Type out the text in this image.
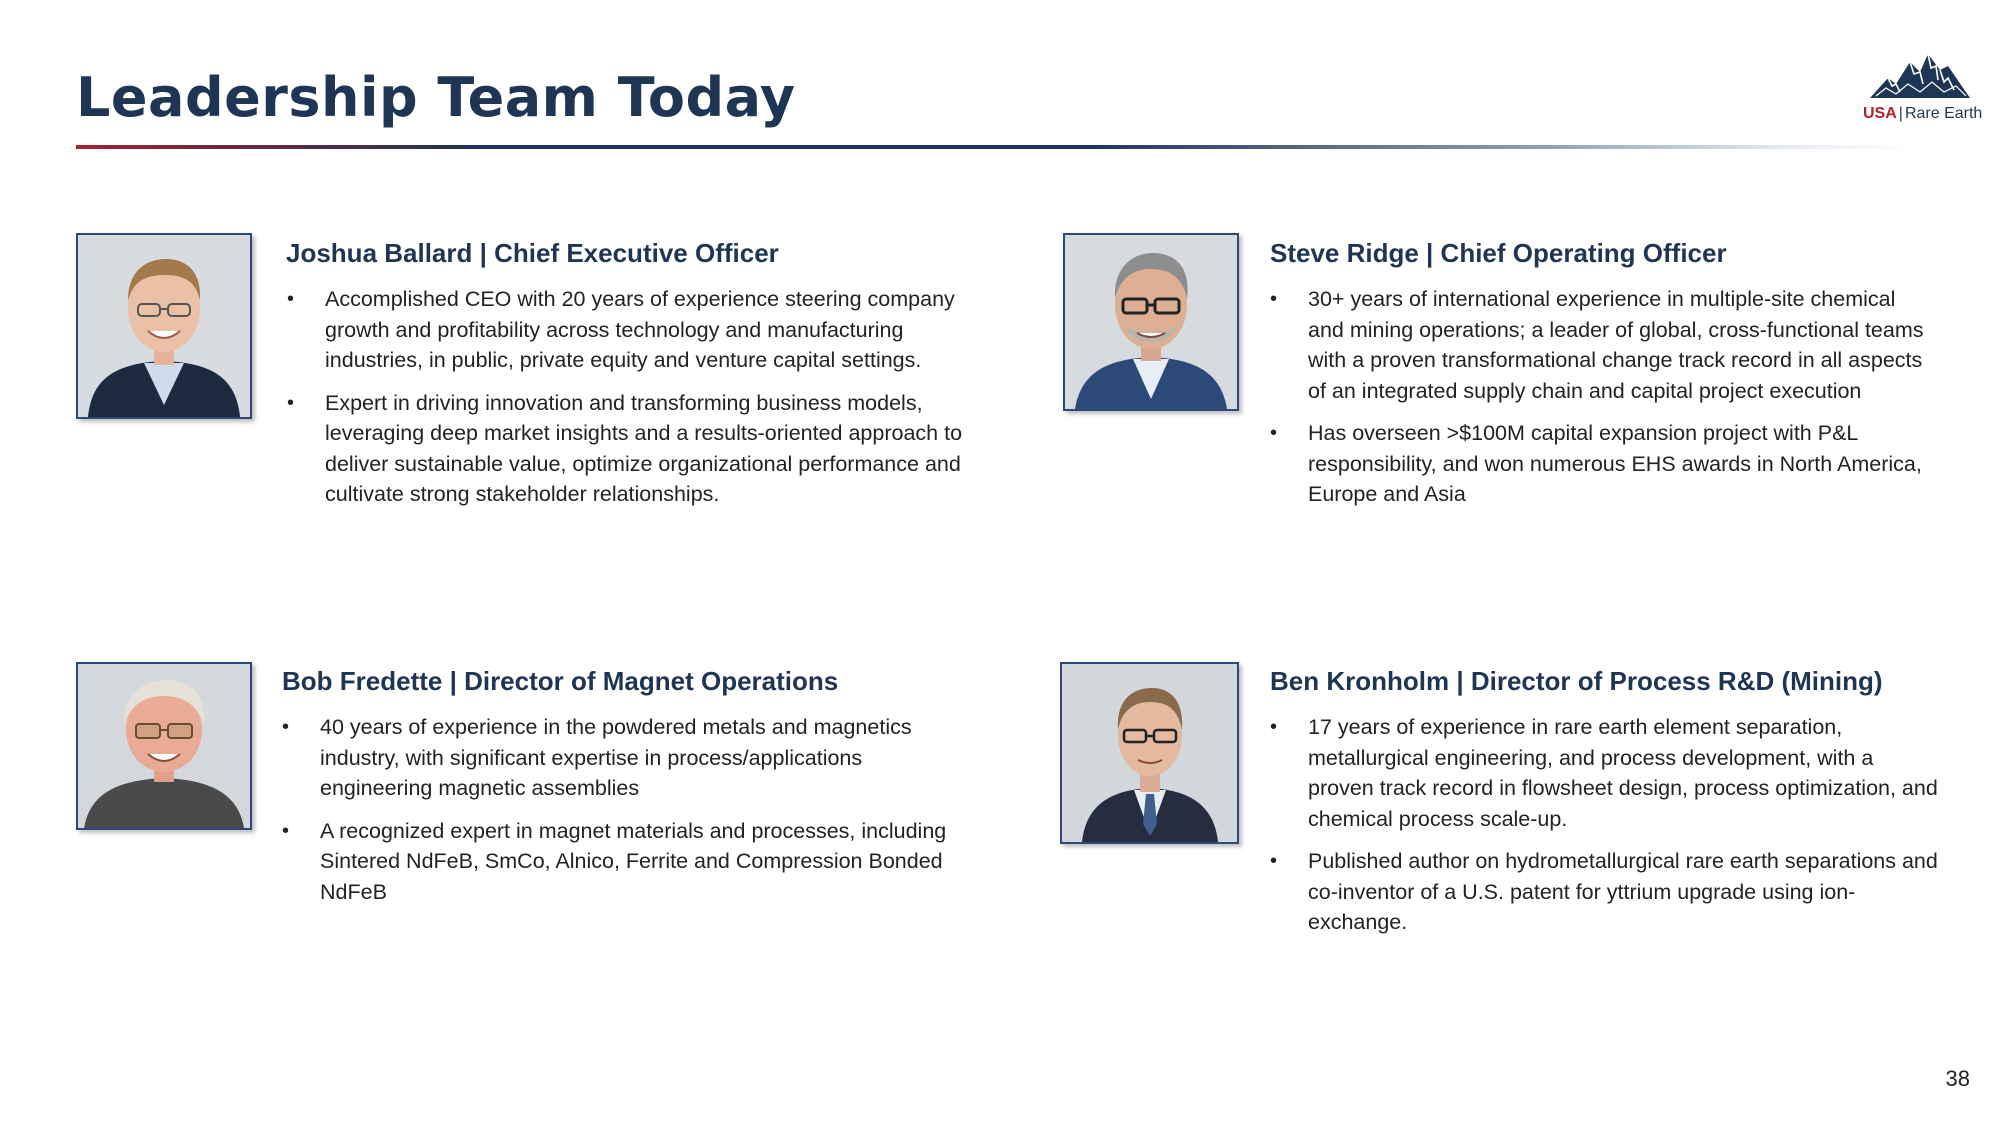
Leadership Team Today	USA | Rare Earth
Joshua Ballard | Chief Executive Officer
• Accomplished CEO with 20 years of experience steering company growth and profitability across technology and manufacturing industries, in public, private equity and venture capital settings.
• Expert in driving innovation and transforming business models, leveraging deep market insights and a results-oriented approach to deliver sustainable value, optimize organizational performance and cultivate strong stakeholder relationships.
Steve Ridge | Chief Operating Officer
• 30+ years of international experience in multiple-site chemical and mining operations; a leader of global, cross-functional teams with a proven transformational change track record in all aspects of an integrated supply chain and capital project execution
• Has overseen >$100M capital expansion project with P&L responsibility, and won numerous EHS awards in North America, Europe and Asia
Bob Fredette | Director of Magnet Operations
• 40 years of experience in the powdered metals and magnetics industry, with significant expertise in process/applications engineering magnetic assemblies
• A recognized expert in magnet materials and processes, including Sintered NdFeB, SmCo, Alnico, Ferrite and Compression Bonded NdFeB
Ben Kronholm | Director of Process R&D (Mining)
• 17 years of experience in rare earth element separation, metallurgical engineering, and process development, with a proven track record in flowsheet design, process optimization, and chemical process scale-up.
• Published author on hydrometallurgical rare earth separations and co-inventor of a U.S. patent for yttrium upgrade using ion-exchange.
38
